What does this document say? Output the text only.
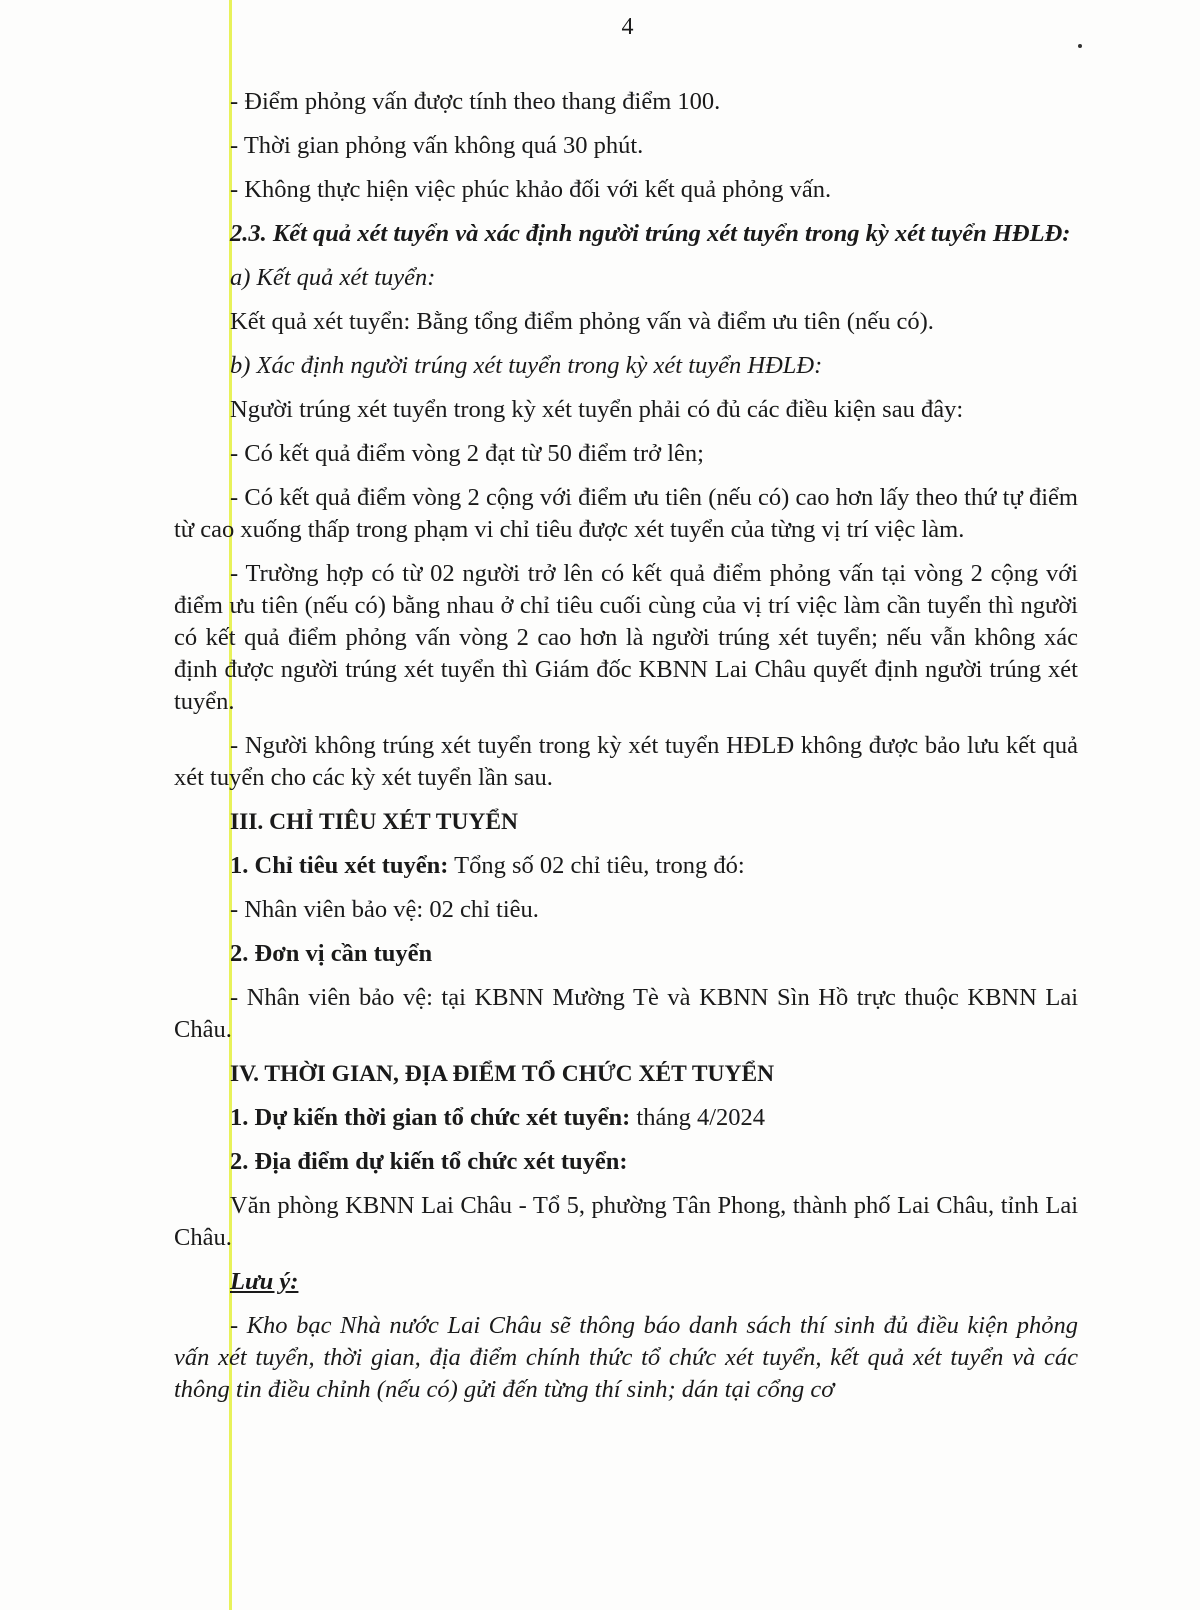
4

- Điểm phỏng vấn được tính theo thang điểm 100.

- Thời gian phỏng vấn không quá 30 phút.

- Không thực hiện việc phúc khảo đối với kết quả phỏng vấn.

2.3. Kết quả xét tuyển và xác định người trúng xét tuyển trong kỳ xét tuyển HĐLĐ:

a) Kết quả xét tuyển:

Kết quả xét tuyển: Bằng tổng điểm phỏng vấn và điểm ưu tiên (nếu có).

b) Xác định người trúng xét tuyển trong kỳ xét tuyển HĐLĐ:

Người trúng xét tuyển trong kỳ xét tuyển phải có đủ các điều kiện sau đây:

- Có kết quả điểm vòng 2 đạt từ 50 điểm trở lên;

- Có kết quả điểm vòng 2 cộng với điểm ưu tiên (nếu có) cao hơn lấy theo thứ tự điểm từ cao xuống thấp trong phạm vi chỉ tiêu được xét tuyển của từng vị trí việc làm.

- Trường hợp có từ 02 người trở lên có kết quả điểm phỏng vấn tại vòng 2 cộng với điểm ưu tiên (nếu có) bằng nhau ở chỉ tiêu cuối cùng của vị trí việc làm cần tuyển thì người có kết quả điểm phỏng vấn vòng 2 cao hơn là người trúng xét tuyển; nếu vẫn không xác định được người trúng xét tuyển thì Giám đốc KBNN Lai Châu quyết định người trúng xét tuyển.

- Người không trúng xét tuyển trong kỳ xét tuyển HĐLĐ không được bảo lưu kết quả xét tuyển cho các kỳ xét tuyển lần sau.

III. CHỈ TIÊU XÉT TUYỂN

1. Chỉ tiêu xét tuyển: Tổng số 02 chỉ tiêu, trong đó:

- Nhân viên bảo vệ: 02 chỉ tiêu.

2. Đơn vị cần tuyển

- Nhân viên bảo vệ: tại KBNN Mường Tè và KBNN Sìn Hồ trực thuộc KBNN Lai Châu.

IV. THỜI GIAN, ĐỊA ĐIỂM TỔ CHỨC XÉT TUYỂN

1. Dự kiến thời gian tổ chức xét tuyển: tháng 4/2024

2. Địa điểm dự kiến tổ chức xét tuyển:

Văn phòng KBNN Lai Châu - Tổ 5, phường Tân Phong, thành phố Lai Châu, tỉnh Lai Châu.

Lưu ý:

- Kho bạc Nhà nước Lai Châu sẽ thông báo danh sách thí sinh đủ điều kiện phỏng vấn xét tuyển, thời gian, địa điểm chính thức tổ chức xét tuyển, kết quả xét tuyển và các thông tin điều chỉnh (nếu có) gửi đến từng thí sinh; dán tại cổng cơ
